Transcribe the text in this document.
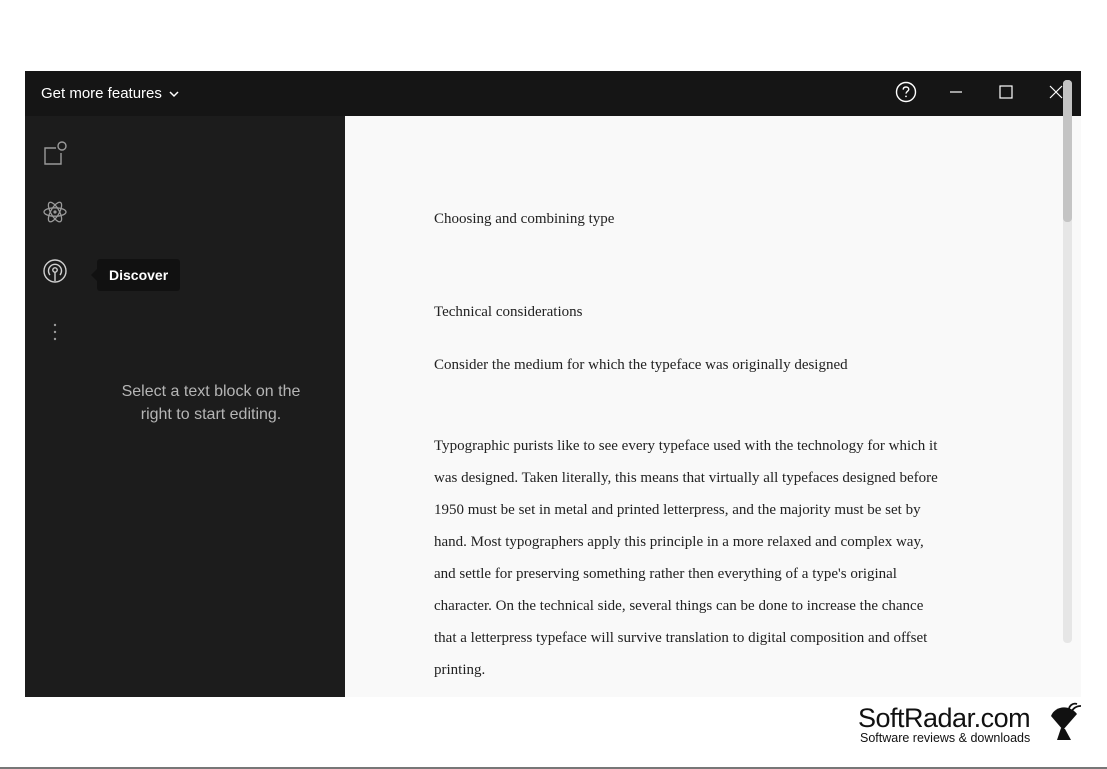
Get more features
Discover
Select a text block on the right to start editing.

Choosing and combining type

Technical considerations

Consider the medium for which the typeface was originally designed

Typographic purists like to see every typeface used with the technology for which it
was designed. Taken literally, this means that virtually all typefaces designed before
1950 must be set in metal and printed letterpress, and the majority must be set by
hand. Most typographers apply this principle in a more relaxed and complex way,
and settle for preserving something rather then everything of a type's original
character. On the technical side, several things can be done to increase the chance
that a letterpress typeface will survive translation to digital composition and offset
printing.
SoftRadar.com
Software reviews & downloads
